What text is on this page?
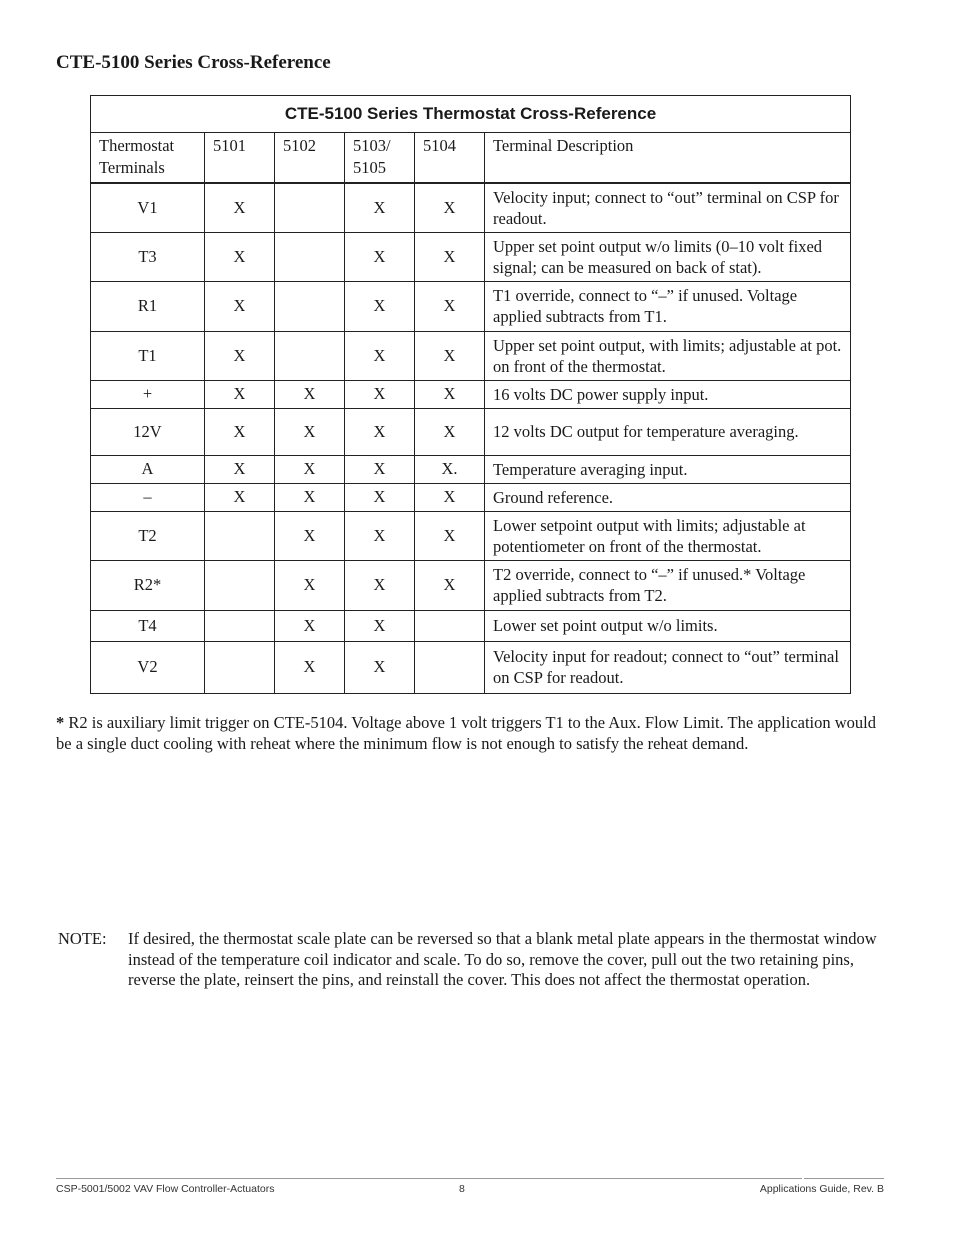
CTE-5100 Series Cross-Reference
CTE-5100 Series Thermostat Cross-Reference					
Thermostat Terminals	5101	5102	5103/ 5105	5104	Terminal Description
V1	X		X	X	Velocity input; connect to “out” terminal on CSP for readout.
T3	X		X	X	Upper set point output w/o limits (0–10 volt fixed signal; can be measured on back of stat).
R1	X		X	X	T1 override, connect to “–” if unused. Voltage applied subtracts from T1.
T1	X		X	X	Upper set point output, with limits; adjustable at pot. on front of the thermostat.
+	X	X	X	X	16 volts DC power supply input.
12V	X	X	X	X	12 volts DC output for temperature averaging.
A	X	X	X	X.	Temperature averaging input.
–	X	X	X	X	Ground reference.
T2		X	X	X	Lower setpoint output with limits; adjustable at potentiometer on front of the thermostat.
R2*		X	X	X	T2 override, connect to “–” if unused.* Voltage applied subtracts from T2.
T4		X	X		Lower set point output w/o limits.
V2		X	X		Velocity input for readout; connect to “out” terminal on CSP for readout.
* R2 is auxiliary limit trigger on CTE-5104. Voltage above 1 volt triggers T1 to the Aux. Flow Limit. The application would be a single duct cooling with reheat where the minimum flow is not enough to satisfy the reheat demand.
NOTE: If desired, the thermostat scale plate can be reversed so that a blank metal plate appears in the thermostat window instead of the temperature coil indicator and scale. To do so, remove the cover, pull out the two retaining pins, reverse the plate, reinsert the pins, and reinstall the cover. This does not affect the thermostat operation.
CSP-5001/5002 VAV Flow Controller-Actuators	8	Applications Guide, Rev. B
